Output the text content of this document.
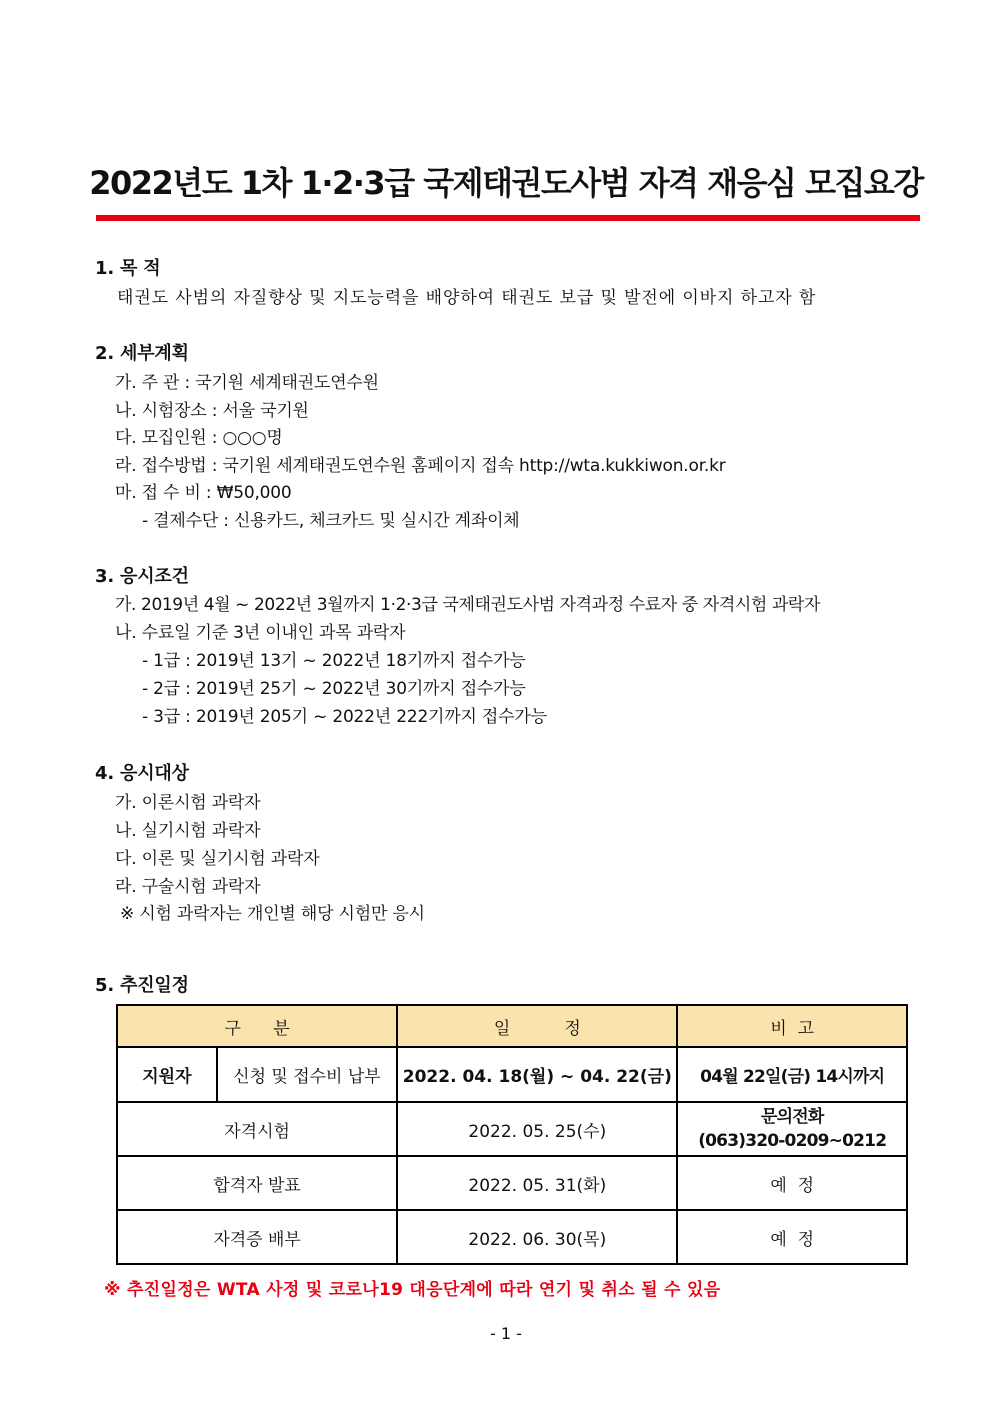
2022년도 1차 1·2·3급 국제태권도사범 자격 재응심 모집요강
1. 목 적
태권도 사범의 자질향상 및 지도능력을 배양하여 태권도 보급 및 발전에 이바지 하고자 함
2. 세부계획
가. 주 관 : 국기원 세계태권도연수원
나. 시험장소 : 서울 국기원
다. 모집인원 : ○○○명
라. 접수방법 : 국기원 세계태권도연수원 홈페이지 접속 http://wta.kukkiwon.or.kr
마. 접 수 비 : ₩50,000
- 결제수단 : 신용카드, 체크카드 및 실시간 계좌이체
3. 응시조건
가. 2019년 4월 ~ 2022년 3월까지 1·2·3급 국제태권도사범 자격과정 수료자 중 자격시험 과락자
나. 수료일 기준 3년 이내인 과목 과락자
- 1급 : 2019년 13기 ~ 2022년 18기까지 접수가능
- 2급 : 2019년 25기 ~ 2022년 30기까지 접수가능
- 3급 : 2019년 205기 ~ 2022년 222기까지 접수가능
4. 응시대상
가. 이론시험 과락자
나. 실기시험 과락자
다. 이론 및 실기시험 과락자
라. 구술시험 과락자
※ 시험 과락자는 개인별 해당 시험만 응시
5. 추진일정
구      분		일          정	비  고
지원자	신청 및 접수비 납부	2022. 04. 18(월) ~ 04. 22(금)	04월 22일(금) 14시까지
자격시험		2022. 05. 25(수)	문의전화
(063)320-0209~0212

합격자 발표		2022. 05. 31(화)	예  정
자격증 배부		2022. 06. 30(목)	예  정
※ 추진일정은 WTA 사정 및 코로나19 대응단계에 따라 연기 및 취소 될 수 있음
- 1 -
